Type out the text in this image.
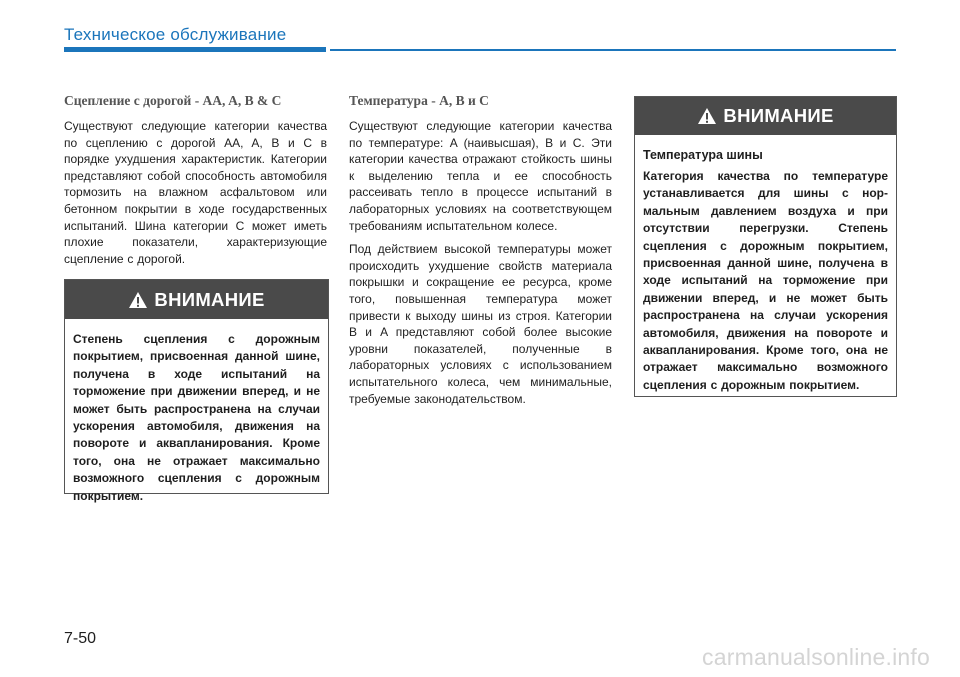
Техническое обслуживание
Сцепление с дорогой - AA, A, B & C

Существуют следующие категории качества по сцеплению с дорогой AA, A, B и C в порядке ухудшения характеристик. Категории представляют собой способность автомобиля тормозить на влажном асфальтовом или бетонном покрытии в ходе государственных испытаний. Шина категории C может иметь плохие показатели, характеризующие сцепление с дорогой.

ВНИМАНИЕ
Степень сцепления с дорожным покрытием, присвоенная данной шине, получена в ходе испытаний на торможение при движении вперед, и не может быть распространена на случаи ускорения автомобиля, движения на повороте и аквапланирования. Кроме того, она не отражает максимально возможного сцепления с дорожным покрытием.
Температура - A, B и C

Существуют следующие категории качества по температуре: A (наивысшая), B и C. Эти категории качества отражают стойкость шины к выделению тепла и ее способность рассеивать тепло в процессе испытаний в лабораторных условиях на соответствующем требованиям испытательном колесе.

Под действием высокой температуры может происходить ухудшение свойств материала покрышки и сокращение ее ресурса, кроме того, повышенная температура может привести к выходу шины из строя. Категории B и A представляют собой более высокие уровни показателей, полученные в лабораторных условиях с использованием испытательного колеса, чем минимальные, требуемые законодательством.

ВНИМАНИЕ
Температура шины
Категория качества по температуре устанавливается для шины с нормальным давлением воздуха и при отсутствии перегрузки. Степень сцепления с дорожным покрытием, присвоенная данной шине, получена в ходе испытаний на торможение при движении вперед, и не может быть распространена на случаи ускорения автомобиля, движения на повороте и аквапланирования. Кроме того, она не отражает максимально возможного сцепления с дорожным покрытием.
7-50
carmanualsonline.info
